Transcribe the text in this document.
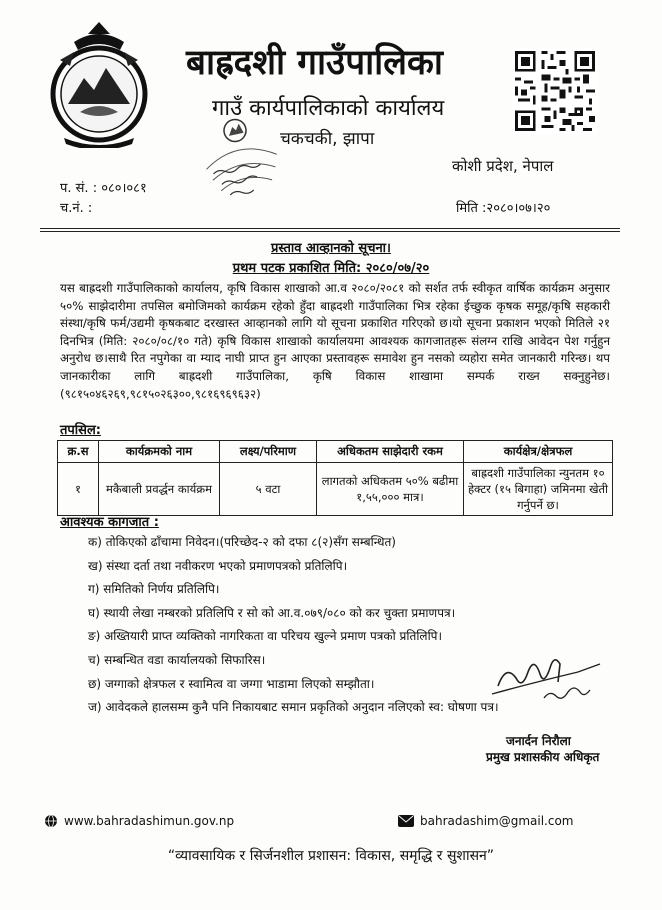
बाह्रदशी गाउँपालिका
गाउँ कार्यपालिकाको कार्यालय
चकचकी, झापा
कोशी प्रदेश, नेपाल
प. सं. : ०८०।०८१
च.नं. :	मिति :२०८०।०७।२०
प्रस्ताव आव्हानको सूचना।
प्रथम पटक प्रकाशित मिति: २०८०/०७/२०
यस बाह्रदशी गाउँपालिकाको कार्यालय, कृषि विकास शाखाको आ.व २०८०/२०८१ को सर्शत तर्फ स्वीकृत वार्षिक कार्यक्रम अनुसार ५०% साझेदारीमा तपसिल बमोजिमको कार्यक्रम रहेको हुँदा बाह्रदशी गाउँपालिका भित्र रहेका ईच्छुक कृषक समूह/कृषि सहकारी संस्था/कृषि फर्म/उद्यमी कृषकबाट दरखास्त आव्हानको लागि यो सूचना प्रकाशित गरिएको छ।यो सूचना प्रकाशन भएको मितिले २१ दिनभित्र (मिति: २०८०/०८/१० गते) कृषि विकास शाखाको कार्यालयमा आवश्यक कागजातहरू संलग्न राखि आवेदन पेश गर्नुहुन अनुरोध छ।साथै रित नपुगेका वा म्याद नाघी प्राप्त हुन आएका प्रस्तावहरू समावेश हुन नसको व्यहोरा समेत जानकारी गरिन्छ। थप जानकारीका लागि बाह्रदशी गाउँपालिका, कृषि विकास शाखामा सम्पर्क राख्न सक्नुहुनेछ। (९८१५०४६२६९,९८१५०२६३००,९८१६९६९६३२)
तपसिल:
क्र.स	कार्यक्रमको नाम	लक्ष्य/परिमाण	अधिकतम साझेदारी रकम	कार्यक्षेत्र/क्षेत्रफल
१	मकैबाली प्रवर्द्धन कार्यक्रम	५ वटा	लागतको अधिकतम ५०% बढीमा १,५५,००० मात्र।	बाह्रदशी गाउँपालिका न्युनतम १० हेक्टर (१५ बिगाहा) जमिनमा खेती गर्नुपर्ने छ।
आवश्यक कागजात :
क) तोकिएको ढाँचामा निवेदन।(परिच्छेद-२ को दफा ८(२)सँग सम्बन्धित)
ख) संस्था दर्ता तथा नवीकरण भएको प्रमाणपत्रको प्रतिलिपि।
ग) समितिको निर्णय प्रतिलिपि।
घ) स्थायी लेखा नम्बरको प्रतिलिपि र सो को आ.व.०७९/०८० को कर चुक्ता प्रमाणपत्र।
ङ) अख्तियारी प्राप्त व्यक्तिको नागरिकता वा परिचय खुल्ने प्रमाण पत्रको प्रतिलिपि।
च) सम्बन्धित वडा कार्यालयको सिफारिस।
छ) जग्गाको क्षेत्रफल र स्वामित्व वा जग्गा भाडामा लिएको सम्झौता।
ज) आवेदकले हालसम्म कुनै पनि निकायबाट समान प्रकृतिको अनुदान नलिएको स्व: घोषणा पत्र।
जनार्दन निरौला
प्रमुख प्रशासकीय अधिकृत
www.bahradashimun.gov.np	bahradashim@gmail.com
“व्यावसायिक र सिर्जनशील प्रशासन: विकास, समृद्धि र सुशासन”
